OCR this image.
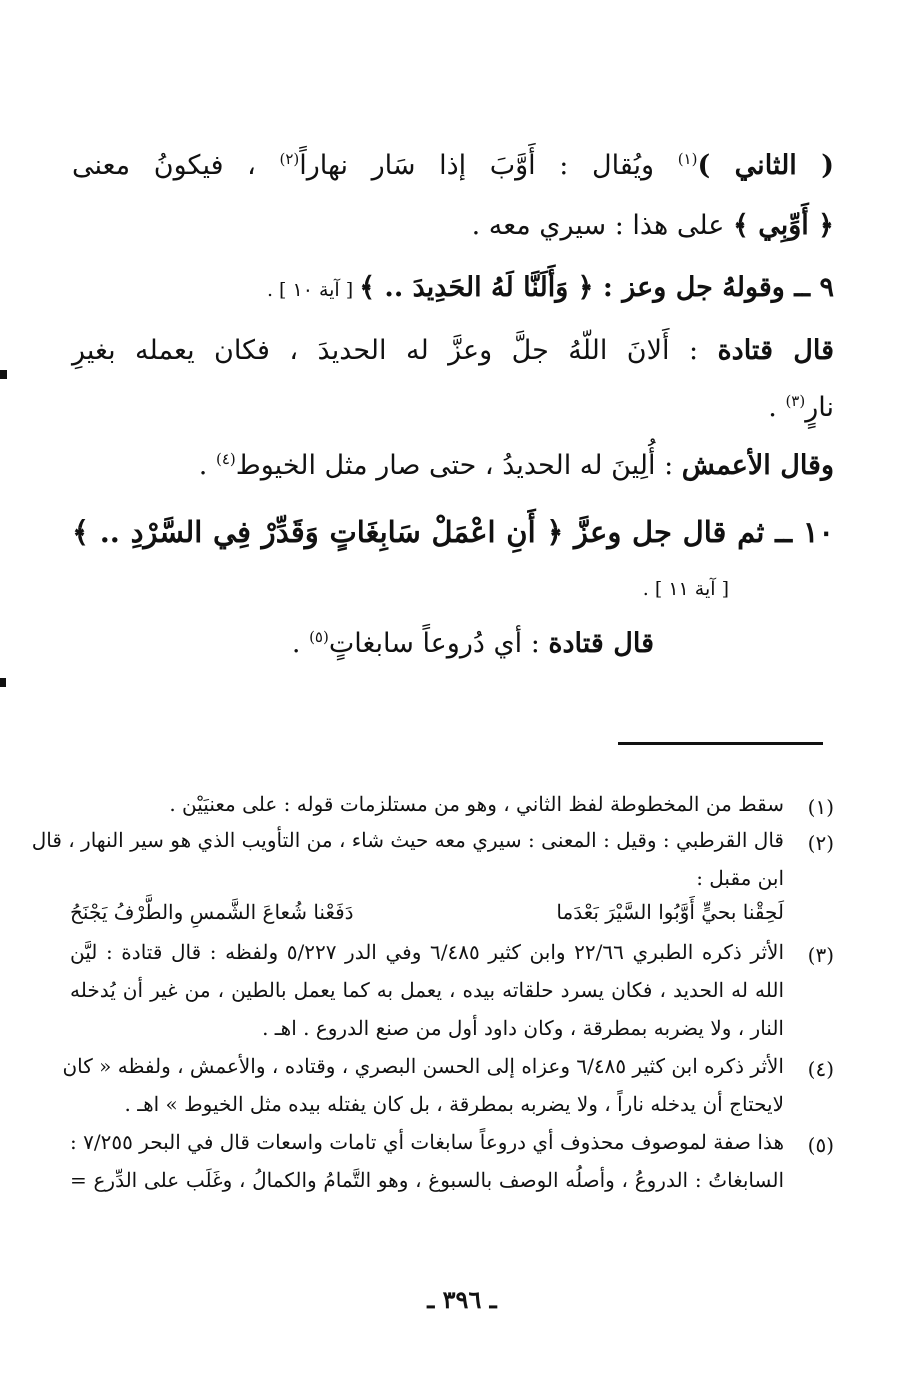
( الثاني )$^{(١)}$ ويُقال : أَوَّبَ إذا سَار نهاراً$^{(٢)}$ ، فيكونُ معنى
﴿ أَوِّبِي ﴾ على هذا : سيري معه .
٩ ــ وقولهُ جل وعز : ﴿ وَأَلَنَّا لَهُ الحَدِيدَ .. ﴾ [ آية ١٠ ] .
قال قتادة : أَلانَ اللّهُ جلَّ وعزَّ له الحديدَ ، فكان يعمله بغيرِ
نارٍ$^{(٣)}$ .
وقال الأعمش : أُلِينَ له الحديدُ ، حتى صار مثل الخيوط$^{(٤)}$ .
١٠ ــ ثم قال جل وعزَّ ﴿ أَنِ اعْمَلْ سَابِغَاتٍ وَقَدِّرْ فِي السَّرْدِ .. ﴾
[ آية ١١ ] .
قال قتادة : أي دُروعاً سابغاتٍ$^{(٥)}$ .
(١)
سقط من المخطوطة لفظ الثاني ، وهو من مستلزمات قوله : على معنيَيْن .
(٢)
قال القرطبي : وقيل : المعنى : سيري معه حيث شاء ، من التأويب الذي هو سير النهار ، قال
ابن مقبل :
لَحِقْنا بحيٍّ أَوَّبُوا السَّيْرَ بَعْدَما
دَفَعْنا شُعاعَ الشَّمسِ والطَّرْفُ يَجْنَحُ
(٣)
الأثر ذكره الطبري ٢٢/٦٦ وابن كثير ٦/٤٨٥ وفي الدر ٥/٢٢٧ ولفظه : قال قتادة : ليَّن
الله له الحديد ، فكان يسرد حلقاته بيده ، يعمل به كما يعمل بالطين ، من غير أن يُدخله
النار ، ولا يضربه بمطرقة ، وكان داود أول من صنع الدروع . اهـ .
(٤)
الأثر ذكره ابن كثير ٦/٤٨٥ وعزاه إلى الحسن البصري ، وقتاده ، والأعمش ، ولفظه « كان
لايحتاج أن يدخله ناراً ، ولا يضربه بمطرقة ، بل كان يفتله بيده مثل الخيوط » اهـ .
(٥)
هذا صفة لموصوف محذوف أي دروعاً سابغات أي تامات واسعات قال في البحر ٧/٢٥٥ :
السابغاتُ : الدروعُ ، وأصلُه الوصف بالسبوغ ، وهو التَّمامُ والكمالُ ، وغَلَب على الدِّرع =
ـ ٣٩٦ ـ
